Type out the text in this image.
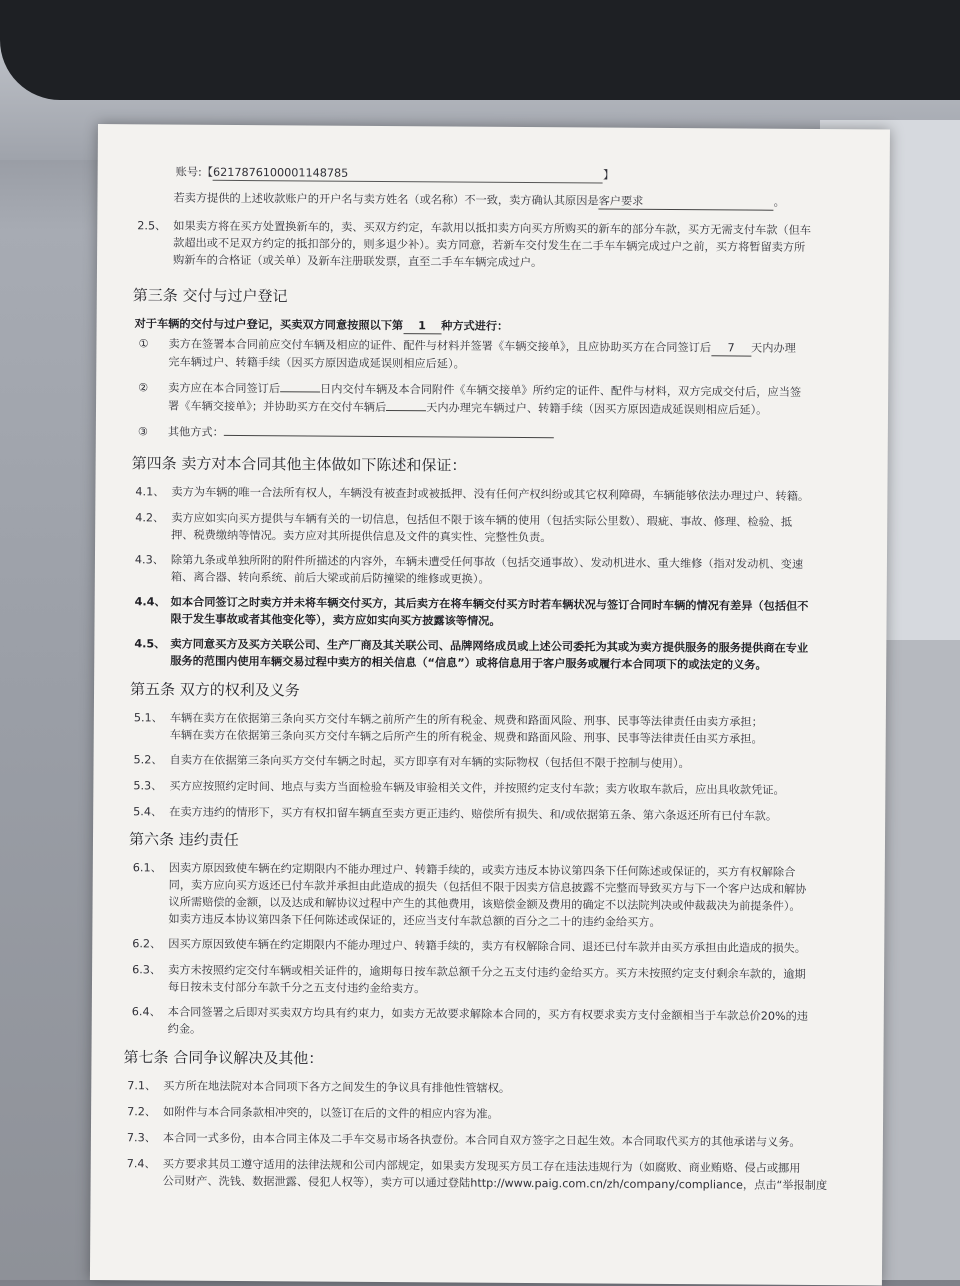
账号:【6217876100001148785	】
若卖方提供的上述收款账户的开户名与卖方姓名（或名称）不一致，卖方确认其原因是客户要求	。
2.5、 如果卖方将在买方处置换新车的，卖、买双方约定，车款用以抵扣卖方向买方所购买的新车的部分车款，买方无需支付车款（但车
款超出或不足双方约定的抵扣部分的，则多退少补）。卖方同意，若新车交付发生在二手车车辆完成过户之前，买方将暂留卖方所
购新车的合格证（或关单）及新车注册联发票，直至二手车车辆完成过户。
第三条 交付与过户登记
对于车辆的交付与过户登记，买卖双方同意按照以下第 1 种方式进行：
① 卖方在签署本合同前应交付车辆及相应的证件、配件与材料并签署《车辆交接单》，且应协助买方在合同签订后 7 天内办理
完车辆过户、转籍手续（因买方原因造成延误则相应后延）。
② 卖方应在本合同签订后	日内交付车辆及本合同附件《车辆交接单》所约定的证件、配件与材料，双方完成交付后，应当签
署《车辆交接单》；并协助买方在交付车辆后	天内办理完车辆过户、转籍手续（因买方原因造成延误则相应后延）。
③ 其他方式：
第四条 卖方对本合同其他主体做如下陈述和保证：
4.1、 卖方为车辆的唯一合法所有权人，车辆没有被查封或被抵押、没有任何产权纠纷或其它权利障碍，车辆能够依法办理过户、转籍。
4.2、 卖方应如实向买方提供与车辆有关的一切信息，包括但不限于该车辆的使用（包括实际公里数）、瑕疵、事故、修理、检验、抵
押、税费缴纳等情况。卖方应对其所提供信息及文件的真实性、完整性负责。
4.3、 除第九条或单独所附的附件所描述的内容外，车辆未遭受任何事故（包括交通事故）、发动机进水、重大维修（指对发动机、变速
箱、离合器、转向系统、前后大梁或前后防撞梁的维修或更换）。
4.4、 如本合同签订之时卖方并未将车辆交付买方，其后卖方在将车辆交付买方时若车辆状况与签订合同时车辆的情况有差异（包括但不
限于发生事故或者其他变化等），卖方应如实向买方披露该等情况。
4.5、 卖方同意买方及买方关联公司、生产厂商及其关联公司、品牌网络成员或上述公司委托为其或为卖方提供服务的服务提供商在专业
服务的范围内使用车辆交易过程中卖方的相关信息（“信息”）或将信息用于客户服务或履行本合同项下的或法定的义务。
第五条 双方的权利及义务
5.1、 车辆在卖方在依据第三条向买方交付车辆之前所产生的所有税金、规费和路面风险、刑事、民事等法律责任由卖方承担；
车辆在卖方在依据第三条向买方交付车辆之后所产生的所有税金、规费和路面风险、刑事、民事等法律责任由买方承担。
5.2、 自卖方在依据第三条向买方交付车辆之时起，买方即享有对车辆的实际物权（包括但不限于控制与使用）。
5.3、 买方应按照约定时间、地点与卖方当面检验车辆及审验相关文件，并按照约定支付车款；卖方收取车款后，应出具收款凭证。
5.4、 在卖方违约的情形下，买方有权扣留车辆直至卖方更正违约、赔偿所有损失、和/或依据第五条、第六条返还所有已付车款。
第六条 违约责任
6.1、 因卖方原因致使车辆在约定期限内不能办理过户、转籍手续的，或卖方违反本协议第四条下任何陈述或保证的，买方有权解除合
同，卖方应向买方返还已付车款并承担由此造成的损失（包括但不限于因卖方信息披露不完整而导致买方与下一个客户达成和解协
议所需赔偿的金额，以及达成和解协议过程中产生的其他费用，该赔偿金额及费用的确定不以法院判决或仲裁裁决为前提条件）。
如卖方违反本协议第四条下任何陈述或保证的，还应当支付车款总额的百分之二十的违约金给买方。
6.2、 因买方原因致使车辆在约定期限内不能办理过户、转籍手续的，卖方有权解除合同、退还已付车款并由买方承担由此造成的损失。
6.3、 卖方未按照约定交付车辆或相关证件的，逾期每日按车款总额千分之五支付违约金给买方。买方未按照约定支付剩余车款的，逾期
每日按未支付部分车款千分之五支付违约金给卖方。
6.4、 本合同签署之后即对买卖双方均具有约束力，如卖方无故要求解除本合同的，买方有权要求卖方支付金额相当于车款总价20%的违
约金。
第七条 合同争议解决及其他：
7.1、 买方所在地法院对本合同项下各方之间发生的争议具有排他性管辖权。
7.2、 如附件与本合同条款相冲突的，以签订在后的文件的相应内容为准。
7.3、 本合同一式多份，由本合同主体及二手车交易市场各执壹份。本合同自双方签字之日起生效。本合同取代买方的其他承诺与义务。
7.4、 买方要求其员工遵守适用的法律法规和公司内部规定，如果卖方发现买方员工存在违法违规行为（如腐败、商业贿赂、侵占或挪用
公司财产、洗钱、数据泄露、侵犯人权等），卖方可以通过登陆http://www.paig.com.cn/zh/company/compliance，点击“举报制度
